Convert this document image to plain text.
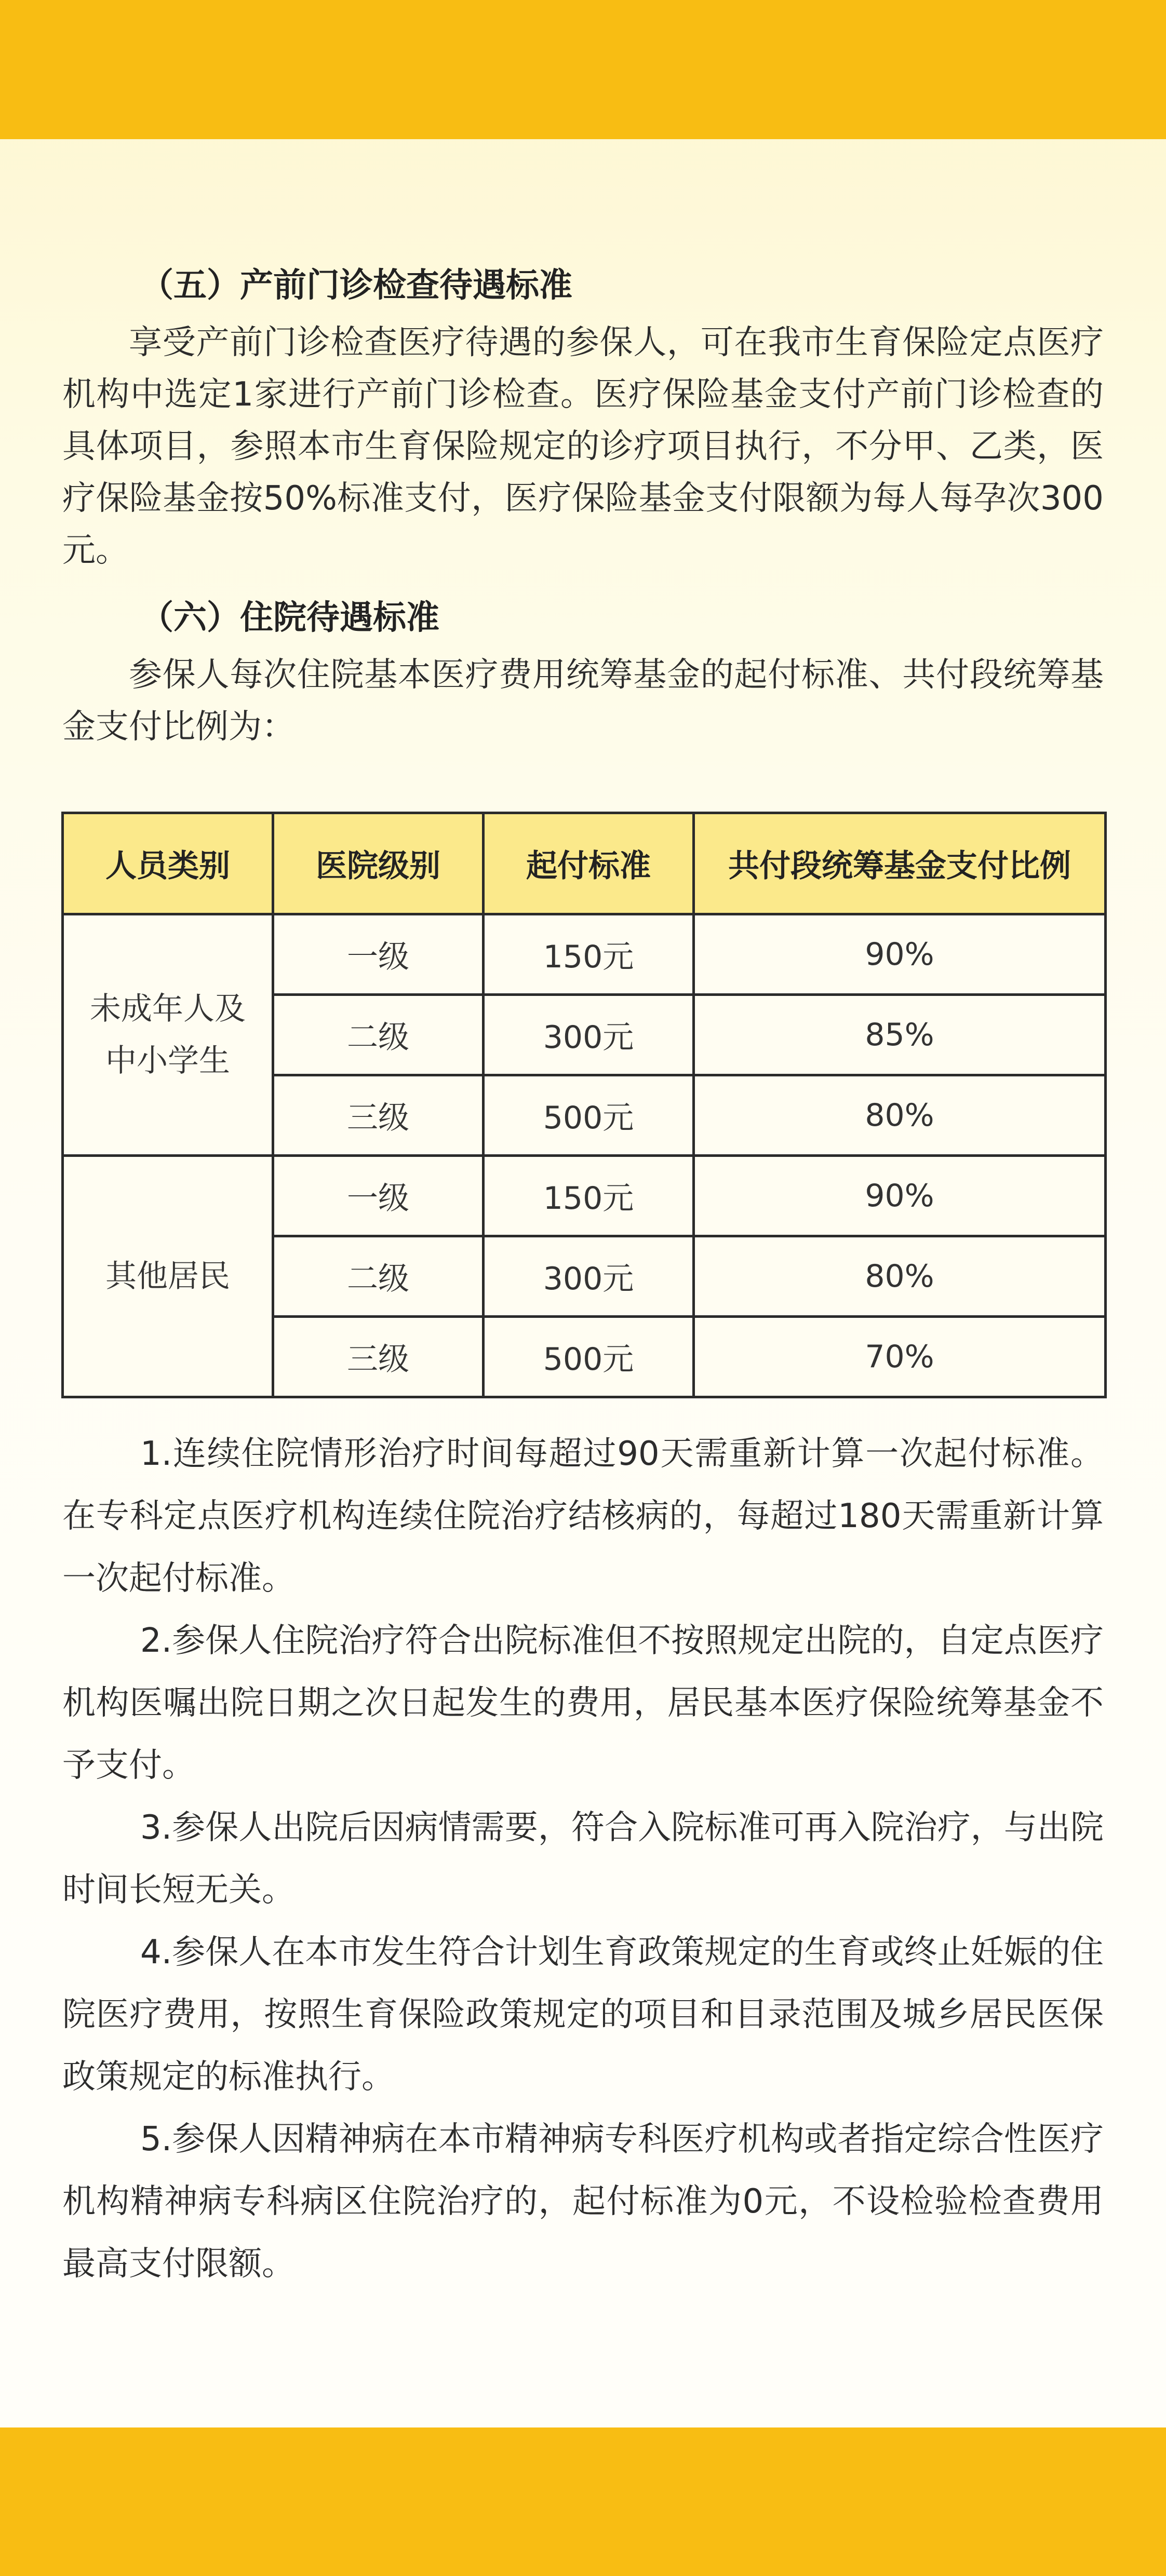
（五）产前门诊检查待遇标准

享受产前门诊检查医疗待遇的参保人，可在我市生育保险定点医疗机构中选定1家进行产前门诊检查。医疗保险基金支付产前门诊检查的具体项目，参照本市生育保险规定的诊疗项目执行，不分甲、乙类，医疗保险基金按50%标准支付，医疗保险基金支付限额为每人每孕次300元。

（六）住院待遇标准

参保人每次住院基本医疗费用统筹基金的起付标准、共付段统筹基金支付比例为：

人员类别	医院级别	起付标准	共付段统筹基金支付比例
未成年人及中小学生	一级	150元	90%
	二级	300元	85%
	三级	500元	80%
其他居民	一级	150元	90%
	二级	300元	80%
	三级	500元	70%

1.连续住院情形治疗时间每超过90天需重新计算一次起付标准。在专科定点医疗机构连续住院治疗结核病的，每超过180天需重新计算一次起付标准。

2.参保人住院治疗符合出院标准但不按照规定出院的，自定点医疗机构医嘱出院日期之次日起发生的费用，居民基本医疗保险统筹基金不予支付。

3.参保人出院后因病情需要，符合入院标准可再入院治疗，与出院时间长短无关。

4.参保人在本市发生符合计划生育政策规定的生育或终止妊娠的住院医疗费用，按照生育保险政策规定的项目和目录范围及城乡居民医保政策规定的标准执行。

5.参保人因精神病在本市精神病专科医疗机构或者指定综合性医疗机构精神病专科病区住院治疗的，起付标准为0元，不设检验检查费用最高支付限额。
